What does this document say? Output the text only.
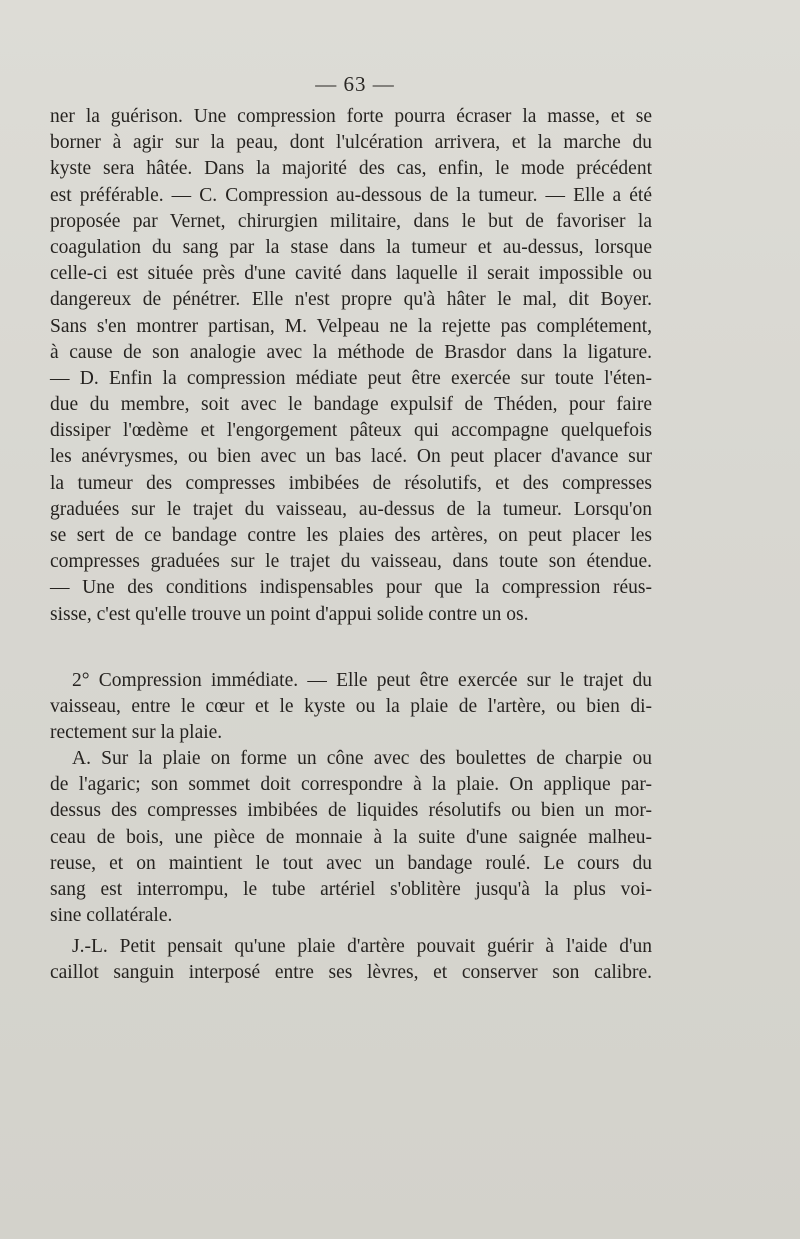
— 63 —
ner la guérison. Une compression forte pourra écraser la masse, et se
borner à agir sur la peau, dont l'ulcération arrivera, et la marche du
kyste sera hâtée. Dans la majorité des cas, enfin, le mode précédent
est préférable. — C. Compression au-dessous de la tumeur. — Elle a été
proposée par Vernet, chirurgien militaire, dans le but de favoriser la
coagulation du sang par la stase dans la tumeur et au-dessus, lorsque
celle-ci est située près d'une cavité dans laquelle il serait impossible ou
dangereux de pénétrer. Elle n'est propre qu'à hâter le mal, dit Boyer.
Sans s'en montrer partisan, M. Velpeau ne la rejette pas complétement,
à cause de son analogie avec la méthode de Brasdor dans la ligature.
— D. Enfin la compression médiate peut être exercée sur toute l'éten-
due du membre, soit avec le bandage expulsif de Théden, pour faire
dissiper l'œdème et l'engorgement pâteux qui accompagne quelquefois
les anévrysmes, ou bien avec un bas lacé. On peut placer d'avance sur
la tumeur des compresses imbibées de résolutifs, et des compresses
graduées sur le trajet du vaisseau, au-dessus de la tumeur. Lorsqu'on
se sert de ce bandage contre les plaies des artères, on peut placer les
compresses graduées sur le trajet du vaisseau, dans toute son étendue.
— Une des conditions indispensables pour que la compression réus-
sisse, c'est qu'elle trouve un point d'appui solide contre un os.
2° Compression immédiate. — Elle peut être exercée sur le trajet du
vaisseau, entre le cœur et le kyste ou la plaie de l'artère, ou bien di-
rectement sur la plaie.
A. Sur la plaie on forme un cône avec des boulettes de charpie ou
de l'agaric; son sommet doit correspondre à la plaie. On applique par-
dessus des compresses imbibées de liquides résolutifs ou bien un mor-
ceau de bois, une pièce de monnaie à la suite d'une saignée malheu-
reuse, et on maintient le tout avec un bandage roulé. Le cours du
sang est interrompu, le tube artériel s'oblitère jusqu'à la plus voi-
sine collatérale.
J.-L. Petit pensait qu'une plaie d'artère pouvait guérir à l'aide d'un
caillot sanguin interposé entre ses lèvres, et conserver son calibre.
